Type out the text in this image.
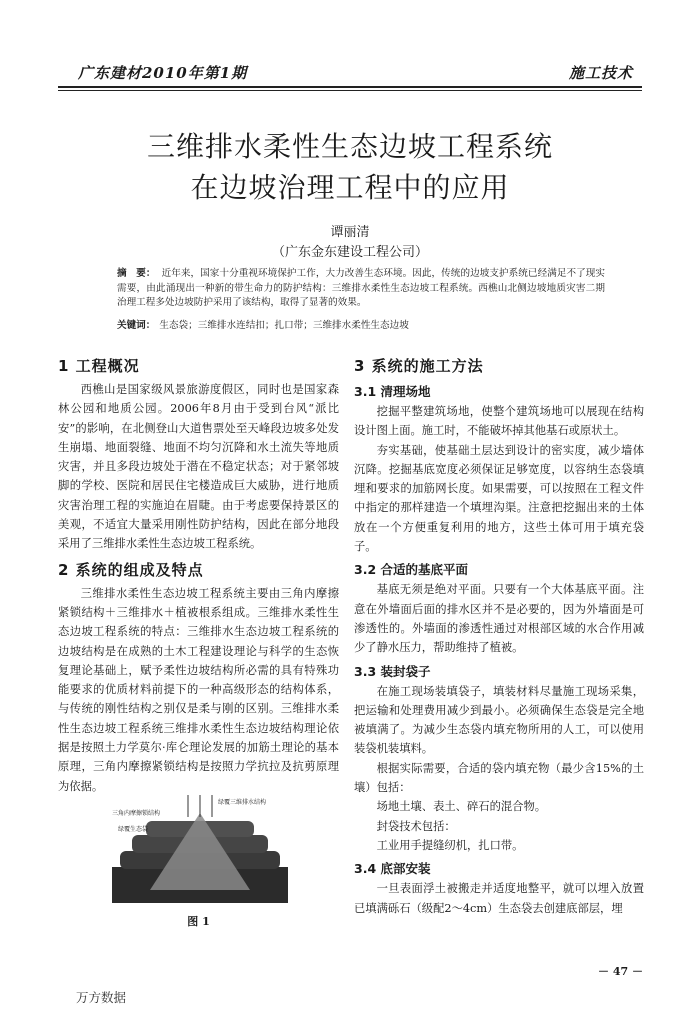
广东建材2010年第1期	施工技术
三维排水柔性生态边坡工程系统
在边坡治理工程中的应用
谭丽清
（广东金东建设工程公司）
摘　要： 近年来，国家十分重视环境保护工作，大力改善生态环境。因此，传统的边坡支护系统已经满足不了现实需要，由此涌现出一种新的带生命力的防护结构：三维排水柔性生态边坡工程系统。西樵山北侧边坡地质灾害二期治理工程多处边坡防护采用了该结构，取得了显著的效果。
关键词： 生态袋；三维排水连结扣；扎口带；三维排水柔性生态边坡
1 工程概况

西樵山是国家级风景旅游度假区，同时也是国家森林公园和地质公园。2006年8月由于受到台风“派比安”的影响，在北侧登山大道售票处至天峰段边坡多处发生崩塌、地面裂缝、地面不均匀沉降和水土流失等地质灾害，并且多段边坡处于潜在不稳定状态；对于紧邻坡脚的学校、医院和居民住宅楼造成巨大威胁，进行地质灾害治理工程的实施迫在眉睫。由于考虑要保持景区的美观，不适宜大量采用刚性防护结构，因此在部分地段采用了三维排水柔性生态边坡工程系统。

2 系统的组成及特点

三维排水柔性生态边坡工程系统主要由三角内摩擦紧锁结构＋三维排水＋植被根系组成。三维排水柔性生态边坡工程系统的特点：三维排水生态边坡工程系统的边坡结构是在成熟的土木工程建设理论与科学的生态恢复理论基础上，赋予柔性边坡结构所必需的具有特殊功能要求的优质材料前提下的一种高级形态的结构体系，与传统的刚性结构之别仅是柔与刚的区别。三维排水柔性生态边坡工程系统三维排水柔性生态边坡结构理论依据是按照土力学莫尔·库仑理论发展的加筋土理论的基本原理，三角内摩擦紧锁结构是按照力学抗拉及抗剪原理为依据。

绿覆三维排水结构
三角内摩擦锁结构
绿覆生态袋
图 1
3 系统的施工方法
3.1 清理场地

挖掘平整建筑场地，使整个建筑场地可以展现在结构设计图上面。施工时，不能破坏掉其他基石或原状土。

夯实基础，使基础土层达到设计的密实度，减少墙体沉降。挖掘基底宽度必须保证足够宽度，以容纳生态袋填埋和要求的加筋网长度。如果需要，可以按照在工程文件中指定的那样建造一个填埋沟渠。注意把挖掘出来的土体放在一个方便重复利用的地方，这些土体可用于填充袋子。

3.2 合适的基底平面

基底无须是绝对平面。只要有一个大体基底平面。注意在外墙面后面的排水区并不是必要的，因为外墙面是可渗透性的。外墙面的渗透性通过对根部区域的水合作用减少了静水压力，帮助维持了植被。

3.3 装封袋子

在施工现场装填袋子，填装材料尽量施工现场采集，把运输和处理费用减少到最小。必须确保生态袋是完全地被填满了。为减少生态袋内填充物所用的人工，可以使用装袋机装填料。

根据实际需要，合适的袋内填充物（最少含15%的土壤）包括：

场地土壤、表土、碎石的混合物。

封袋技术包括：

工业用手提缝纫机，扎口带。

3.4 底部安装

一旦表面浮土被搬走并适度地整平，就可以埋入放置已填满砾石（级配2～4cm）生态袋去创建底部层，埋

－ 47 －
万方数据
